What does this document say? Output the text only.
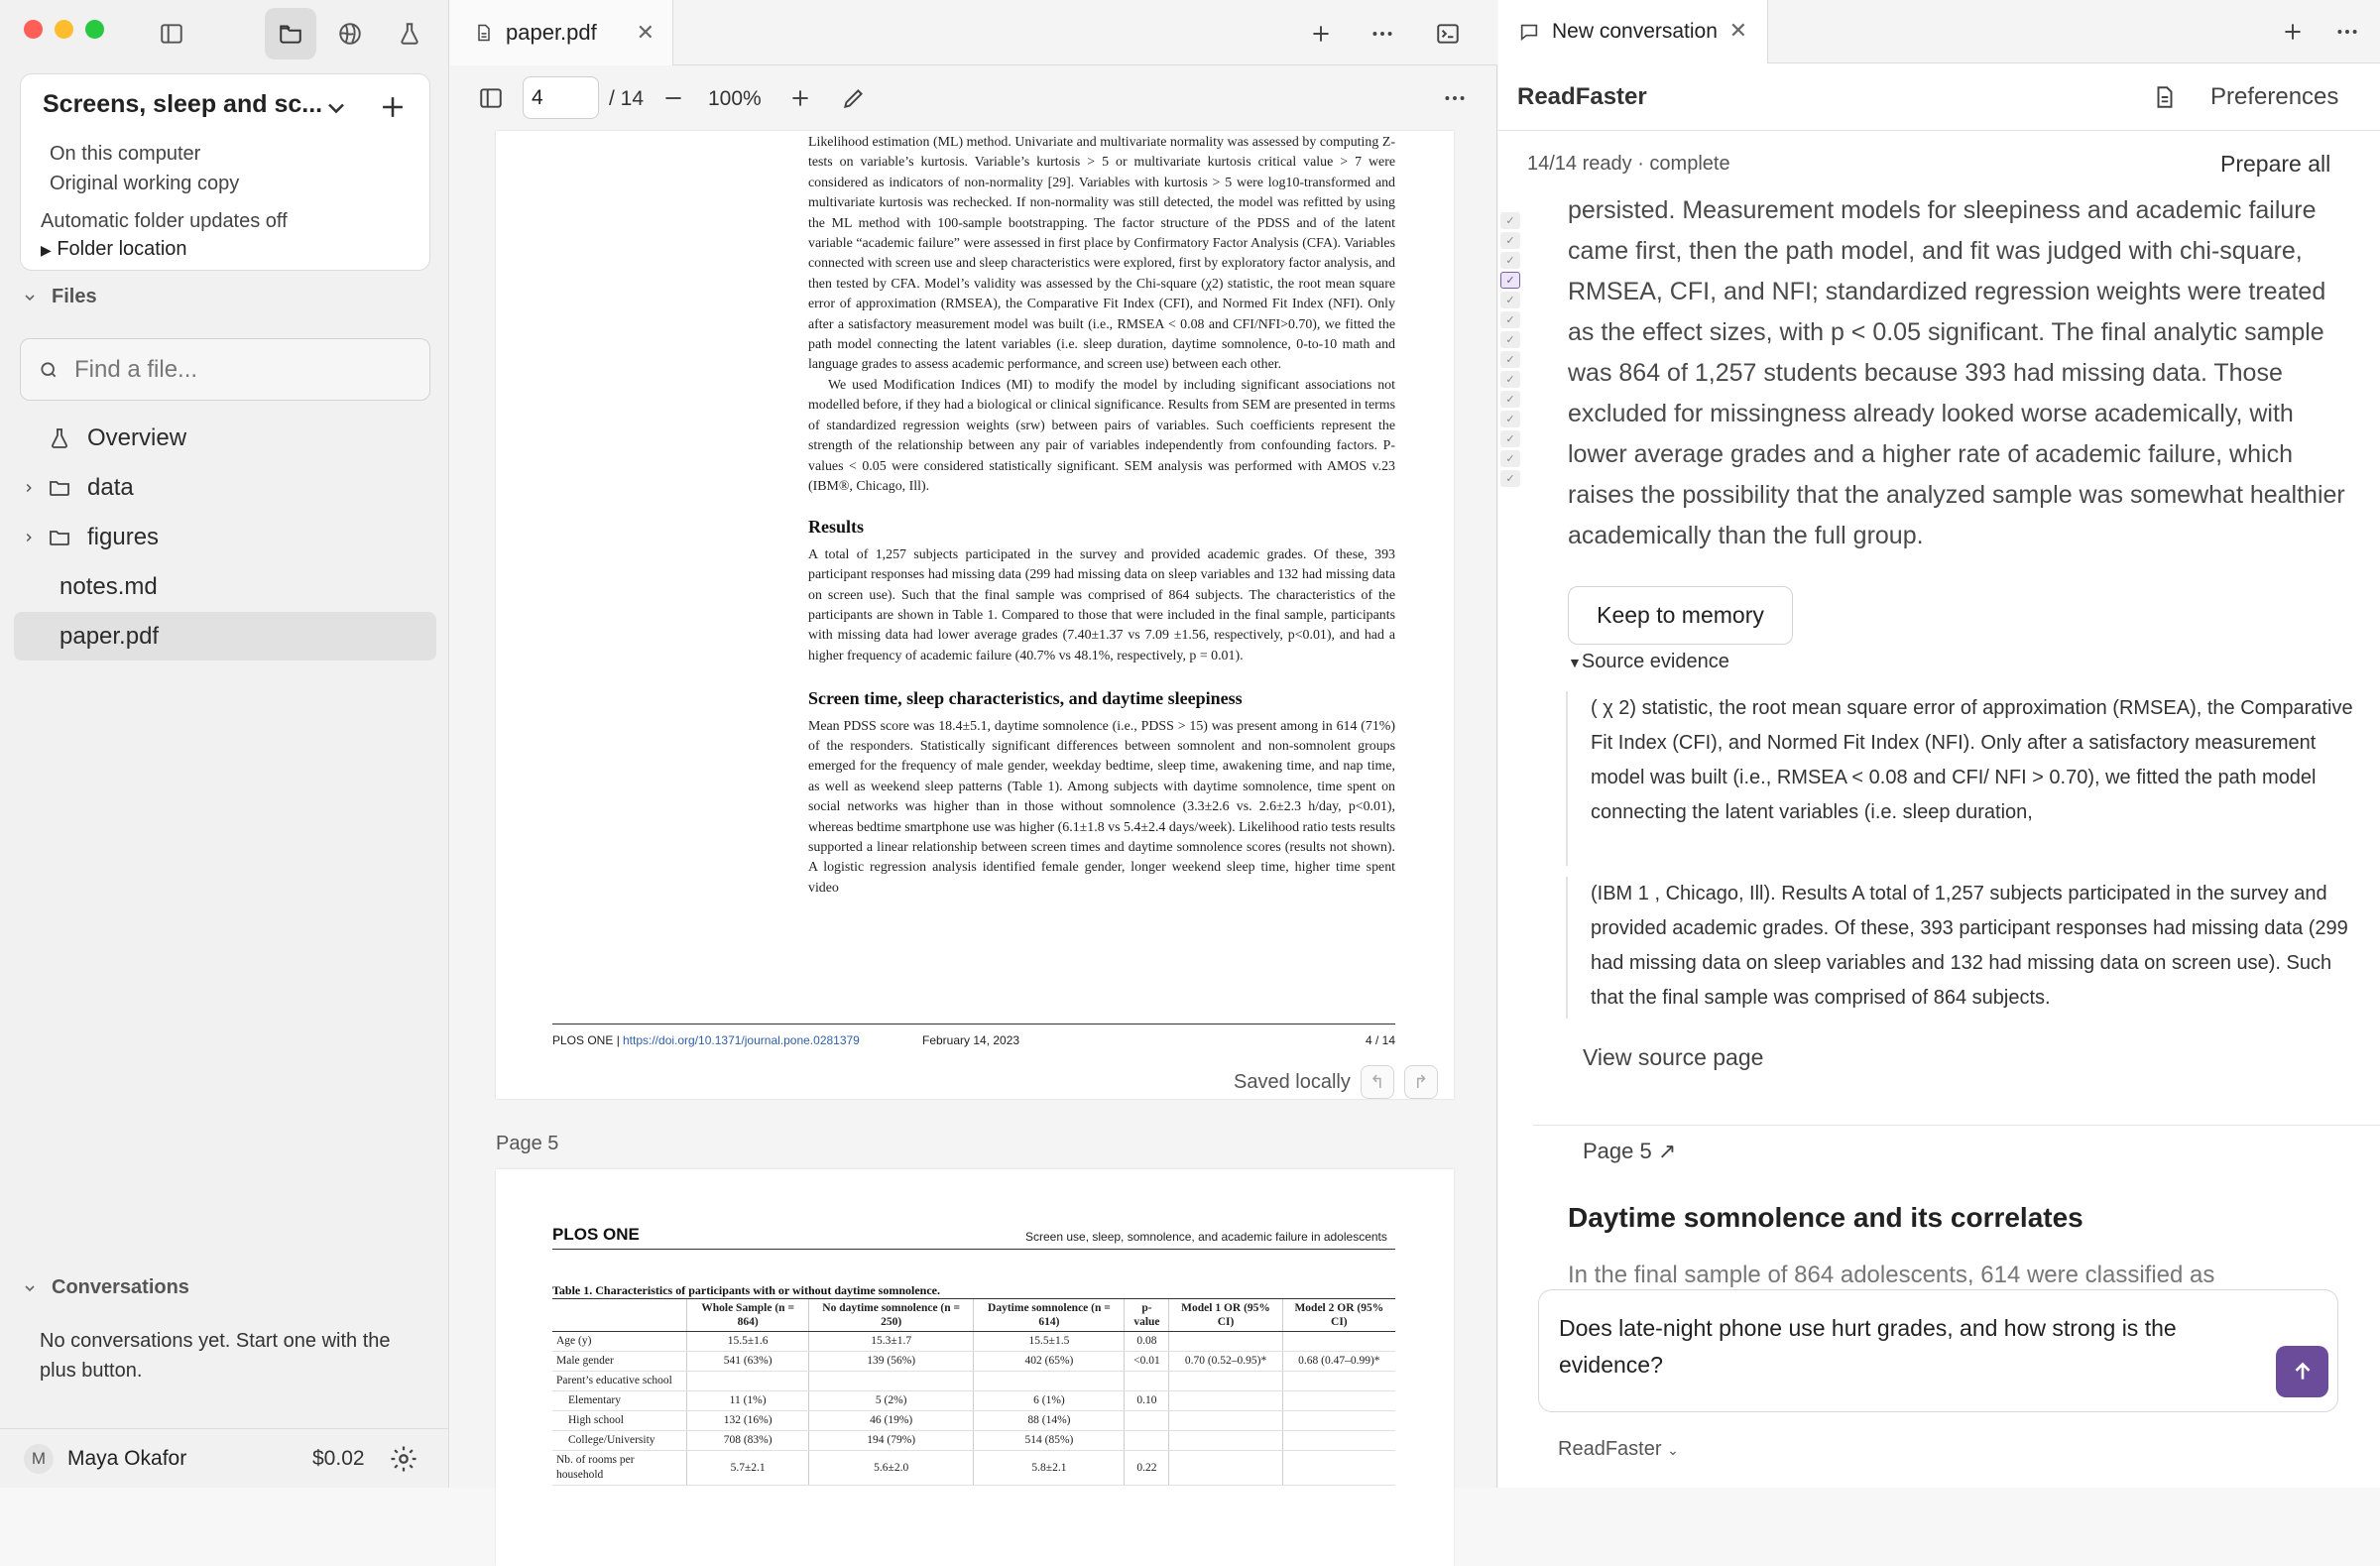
Screens, sleep and sc...
On this computer
Original working copy
Automatic folder updates off
▶ Folder location
Files
Find a file...
Overview
data
figures
notes.md
paper.pdf
Conversations
No conversations yet. Start one with the plus button.
M	Maya Okafor	$0.02
paper.pdf ✕
4
/ 14	100%

Likelihood estimation (ML) method. Univariate and multivariate normality was assessed by computing Z-tests on variable’s kurtosis. Variable’s kurtosis > 5 or multivariate kurtosis critical value > 7 were considered as indicators of non-normality [29]. Variables with kurtosis > 5 were log10-transformed and multivariate kurtosis was rechecked. If non-normality was still detected, the model was refitted by using the ML method with 100-sample bootstrapping. The factor structure of the PDSS and of the latent variable “academic failure” were assessed in first place by Confirmatory Factor Analysis (CFA). Variables connected with screen use and sleep characteristics were explored, first by exploratory factor analysis, and then tested by CFA. Model’s validity was assessed by the Chi-square (χ2) statistic, the root mean square error of approximation (RMSEA), the Comparative Fit Index (CFI), and Normed Fit Index (NFI). Only after a satisfactory measurement model was built (i.e., RMSEA < 0.08 and CFI/NFI>0.70), we fitted the path model connecting the latent variables (i.e. sleep duration, daytime somnolence, 0-to-10 math and language grades to assess academic performance, and screen use) between each other.

We used Modification Indices (MI) to modify the model by including significant associations not modelled before, if they had a biological or clinical significance. Results from SEM are presented in terms of standardized regression weights (srw) between pairs of variables. Such coefficients represent the strength of the relationship between any pair of variables independently from confounding factors. P-values < 0.05 were considered statistically significant. SEM analysis was performed with AMOS v.23 (IBM®, Chicago, Ill).

Results

A total of 1,257 subjects participated in the survey and provided academic grades. Of these, 393 participant responses had missing data (299 had missing data on sleep variables and 132 had missing data on screen use). Such that the final sample was comprised of 864 subjects. The characteristics of the participants are shown in Table 1. Compared to those that were included in the final sample, participants with missing data had lower average grades (7.40±1.37 vs 7.09 ±1.56, respectively, p<0.01), and had a higher frequency of academic failure (40.7% vs 48.1%, respectively, p = 0.01).

Screen time, sleep characteristics, and daytime sleepiness

Mean PDSS score was 18.4±5.1, daytime somnolence (i.e., PDSS > 15) was present among in 614 (71%) of the responders. Statistically significant differences between somnolent and non-somnolent groups emerged for the frequency of male gender, weekday bedtime, sleep time, awakening time, and nap time, as well as weekend sleep patterns (Table 1). Among subjects with daytime somnolence, time spent on social networks was higher than in those without somnolence (3.3±2.6 vs. 2.6±2.3 h/day, p<0.01), whereas bedtime smartphone use was higher (6.1±1.8 vs 5.4±2.4 days/week). Likelihood ratio tests results supported a linear relationship between screen times and daytime somnolence scores (results not shown). A logistic regression analysis identified female gender, longer weekend sleep time, higher time spent video

PLOS ONE | https://doi.org/10.1371/journal.pone.0281379	February 14, 2023	4 / 14
Saved locally	↰	↱
Page 5
PLOS ONE	Screen use, sleep, somnolence, and academic failure in adolescents
Table 1. Characteristics of participants with or without daytime somnolence.
	Whole Sample (n = 864)	No daytime somnolence (n = 250)	Daytime somnolence (n = 614)	p-value	Model 1 OR (95% CI)	Model 2 OR (95% CI)
Age (y)	15.5±1.6	15.3±1.7	15.5±1.5	0.08		
Male gender	541 (63%)	139 (56%)	402 (65%)	<0.01	0.70 (0.52–0.95)*	0.68 (0.47–0.99)*
Parent’s educative school						
Elementary	11 (1%)	5 (2%)	6 (1%)	0.10		
High school	132 (16%)	46 (19%)	88 (14%)			
College/University	708 (83%)	194 (79%)	514 (85%)			
Nb. of rooms per household	5.7±2.1	5.6±2.0	5.8±2.1	0.22		
New conversation ✕
ReadFaster	Preferences
14/14 ready · complete	Prepare all
✓
✓
✓
✓
✓
✓
✓
✓
✓
✓
✓
✓
✓
✓
persisted. Measurement models for sleepiness and academic failure came first, then the path model, and fit was judged with chi-square, RMSEA, CFI, and NFI; standardized regression weights were treated as the effect sizes, with p < 0.05 significant. The final analytic sample was 864 of 1,257 students because 393 had missing data. Those excluded for missingness already looked worse academically, with lower average grades and a higher rate of academic failure, which raises the possibility that the analyzed sample was somewhat healthier academically than the full group.
Keep to memory
▼Source evidence
( χ 2) statistic, the root mean square error of approximation (RMSEA), the Comparative Fit Index (CFI), and Normed Fit Index (NFI). Only after a satisfactory measurement model was built (i.e., RMSEA < 0.08 and CFI/ NFI > 0.70), we fitted the path model connecting the latent variables (i.e. sleep duration,
(IBM 1 , Chicago, Ill). Results A total of 1,257 subjects participated in the survey and provided academic grades. Of these, 393 participant responses had missing data (299 had missing data on sleep variables and 132 had missing data on screen use). Such that the final sample was comprised of 864 subjects.
View source page
Page 5 ↗
Daytime somnolence and its correlates
In the final sample of 864 adolescents, 614 were classified as
Does late-night phone use hurt grades, and how strong is the evidence?
ReadFaster ⌄
